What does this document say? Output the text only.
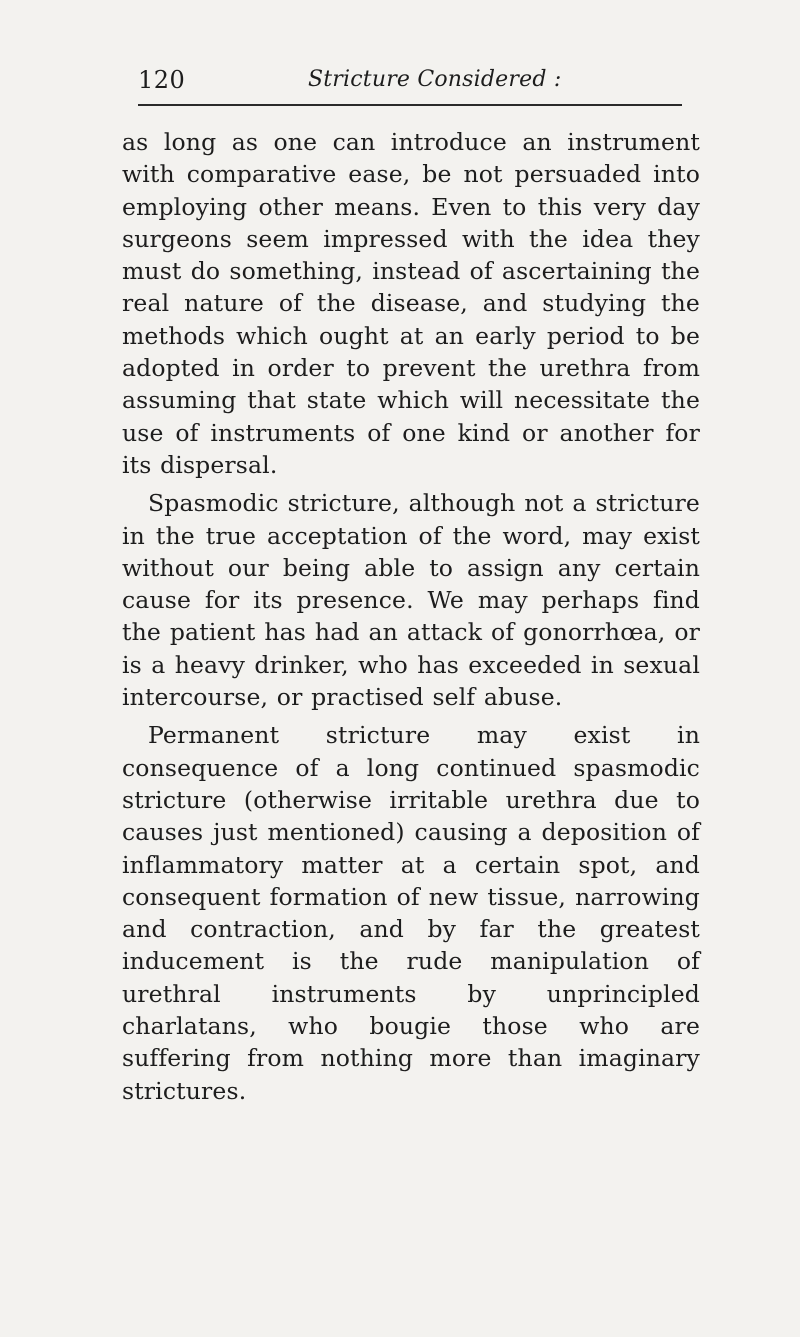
120	Stricture Considered :

as long as one can introduce an instrument with comparative ease, be not persuaded into employing other means. Even to this very day surgeons seem impressed with the idea they must do something, instead of ascertaining the real nature of the disease, and studying the methods which ought at an early period to be adopted in order to prevent the urethra from assuming that state which will necessitate the use of instruments of one kind or another for its dispersal.

Spasmodic stricture, although not a stricture in the true acceptation of the word, may exist without our being able to assign any certain cause for its presence. We may perhaps find the patient has had an attack of gonorrhœa, or is a heavy drinker, who has exceeded in sexual intercourse, or practised self abuse.

Permanent stricture may exist in consequence of a long continued spasmodic stricture (otherwise irritable urethra due to causes just mentioned) causing a deposition of inflammatory matter at a certain spot, and consequent formation of new tissue, narrowing and contraction, and by far the greatest inducement is the rude manipulation of urethral instruments by unprincipled charlatans, who bougie those who are suffering from nothing more than imaginary strictures.
